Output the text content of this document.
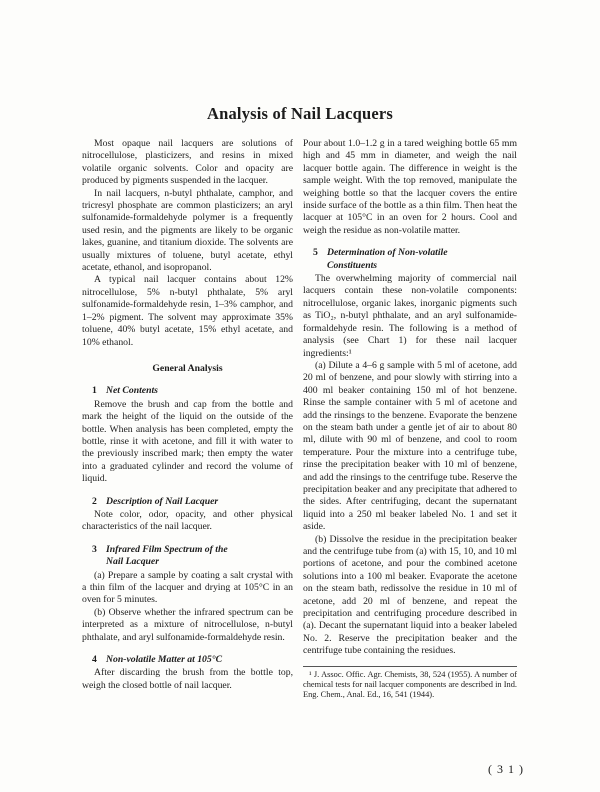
Analysis of Nail Lacquers

Most opaque nail lacquers are solutions of nitrocellulose, plasticizers, and resins in mixed volatile organic solvents. Color and opacity are produced by pigments suspended in the lacquer.

In nail lacquers, n-butyl phthalate, camphor, and tricresyl phosphate are common plasticizers; an aryl sulfonamide-formaldehyde polymer is a frequently used resin, and the pigments are likely to be organic lakes, guanine, and titanium dioxide. The solvents are usually mixtures of toluene, butyl acetate, ethyl acetate, ethanol, and isopropanol.

A typical nail lacquer contains about 12% nitrocellulose, 5% n-butyl phthalate, 5% aryl sulfonamide-formaldehyde resin, 1–3% camphor, and 1–2% pigment. The solvent may approximate 35% toluene, 40% butyl acetate, 15% ethyl acetate, and 10% ethanol.

General Analysis
1 Net Contents

Remove the brush and cap from the bottle and mark the height of the liquid on the outside of the bottle. When analysis has been completed, empty the bottle, rinse it with acetone, and fill it with water to the previously inscribed mark; then empty the water into a graduated cylinder and record the volume of liquid.

2 Description of Nail Lacquer

Note color, odor, opacity, and other physical characteristics of the nail lacquer.

3 Infrared Film Spectrum of the
Nail Lacquer

(a) Prepare a sample by coating a salt crystal with a thin film of the lacquer and drying at 105°C in an oven for 5 minutes.

(b) Observe whether the infrared spectrum can be interpreted as a mixture of nitrocellulose, n-butyl phthalate, and aryl sulfonamide-formaldehyde resin.

4 Non-volatile Matter at 105°C

After discarding the brush from the bottle top, weigh the closed bottle of nail lacquer.

Pour about 1.0–1.2 g in a tared weighing bottle 65 mm high and 45 mm in diameter, and weigh the nail lacquer bottle again. The difference in weight is the sample weight. With the top removed, manipulate the weighing bottle so that the lacquer covers the entire inside surface of the bottle as a thin film. Then heat the lacquer at 105°C in an oven for 2 hours. Cool and weigh the residue as non-volatile matter.

5 Determination of Non-volatile
Constituents

The overwhelming majority of commercial nail lacquers contain these non-volatile components: nitrocellulose, organic lakes, inorganic pigments such as TiO₂, n-butyl phthalate, and an aryl sulfonamide-formaldehyde resin. The following is a method of analysis (see Chart 1) for these nail lacquer ingredients:¹

(a) Dilute a 4–6 g sample with 5 ml of acetone, add 20 ml of benzene, and pour slowly with stirring into a 400 ml beaker containing 150 ml of hot benzene. Rinse the sample container with 5 ml of acetone and add the rinsings to the benzene. Evaporate the benzene on the steam bath under a gentle jet of air to about 80 ml, dilute with 90 ml of benzene, and cool to room temperature. Pour the mixture into a centrifuge tube, rinse the precipitation beaker with 10 ml of benzene, and add the rinsings to the centrifuge tube. Reserve the precipitation beaker and any precipitate that adhered to the sides. After centrifuging, decant the supernatant liquid into a 250 ml beaker labeled No. 1 and set it aside.

(b) Dissolve the residue in the precipitation beaker and the centrifuge tube from (a) with 15, 10, and 10 ml portions of acetone, and pour the combined acetone solutions into a 100 ml beaker. Evaporate the acetone on the steam bath, redissolve the residue in 10 ml of acetone, add 20 ml of benzene, and repeat the precipitation and centrifuging procedure described in (a). Decant the supernatant liquid into a beaker labeled No. 2. Reserve the precipitation beaker and the centrifuge tube containing the residues.

¹ J. Assoc. Offic. Agr. Chemists, 38, 524 (1955). A number of chemical tests for nail lacquer components are described in Ind. Eng. Chem., Anal. Ed., 16, 541 (1944).

( 3 1 )
